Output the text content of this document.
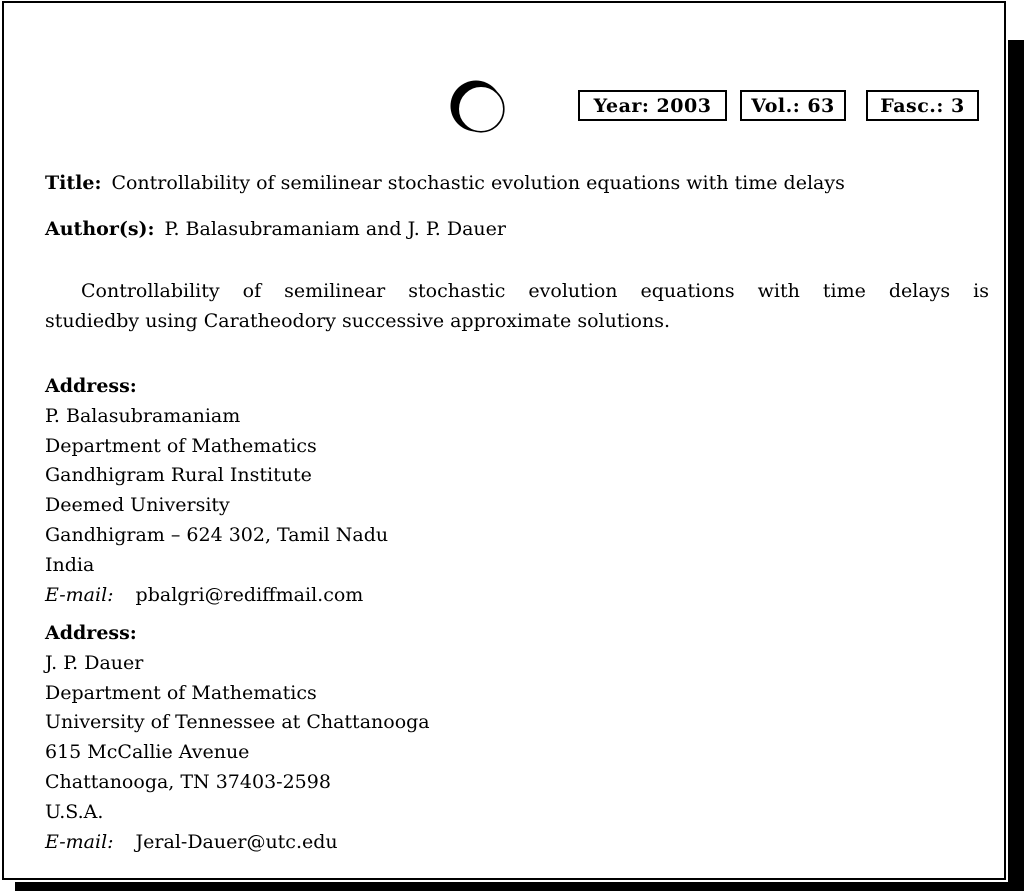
Year: 2003 Vol.: 63 Fasc.: 3
Title: Controllability of semilinear stochastic evolution equations with time delays
Author(s): P. Balasubramaniam and J. P. Dauer
Controllability of semilinear stochastic evolution equations with time delays is
studiedby using Caratheodory successive approximate solutions.
Address:
P. Balasubramaniam
Department of Mathematics
Gandhigram Rural Institute
Deemed University
Gandhigram – 624 302, Tamil Nadu
India
E-mail: pbalgri@rediffmail.com
Address:
J. P. Dauer
Department of Mathematics
University of Tennessee at Chattanooga
615 McCallie Avenue
Chattanooga, TN 37403-2598
U.S.A.
E-mail: Jeral-Dauer@utc.edu
